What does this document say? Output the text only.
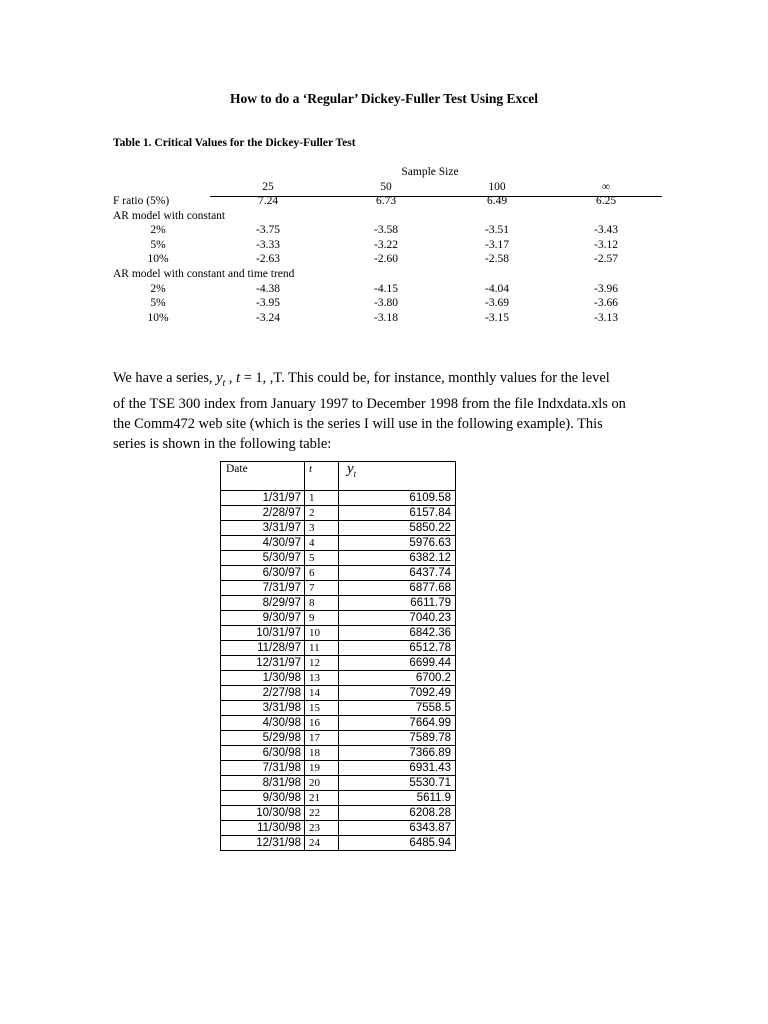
How to do a ‘Regular’ Dickey-Fuller Test Using Excel
Table 1. Critical Values for the Dickey-Fuller Test
Sample Size
25	50	100	∞
F ratio (5%)	7.24	6.73	6.49	6.25
AR model with constant
2%	-3.75	-3.58	-3.51	-3.43
5%	-3.33	-3.22	-3.17	-3.12
10%	-2.63	-2.60	-2.58	-2.57
AR model with constant and time trend
2%	-4.38	-4.15	-4.04	-3.96
5%	-3.95	-3.80	-3.69	-3.66
10%	-3.24	-3.18	-3.15	-3.13

We have a series, $y_t$ , t = 1, ,T. This could be, for instance, monthly values for the level

of the TSE 300 index from January 1997 to December 1998 from the file Indxdata.xls on

the Comm472 web site (which is the series I will use in the following example). This

series is shown in the following table:

Date	t	$y_t$
1/31/97	1	6109.58
2/28/97	2	6157.84
3/31/97	3	5850.22
4/30/97	4	5976.63
5/30/97	5	6382.12
6/30/97	6	6437.74
7/31/97	7	6877.68
8/29/97	8	6611.79
9/30/97	9	7040.23
10/31/97	10	6842.36
11/28/97	11	6512.78
12/31/97	12	6699.44
1/30/98	13	6700.2
2/27/98	14	7092.49
3/31/98	15	7558.5
4/30/98	16	7664.99
5/29/98	17	7589.78
6/30/98	18	7366.89
7/31/98	19	6931.43
8/31/98	20	5530.71
9/30/98	21	5611.9
10/30/98	22	6208.28
11/30/98	23	6343.87
12/31/98	24	6485.94
